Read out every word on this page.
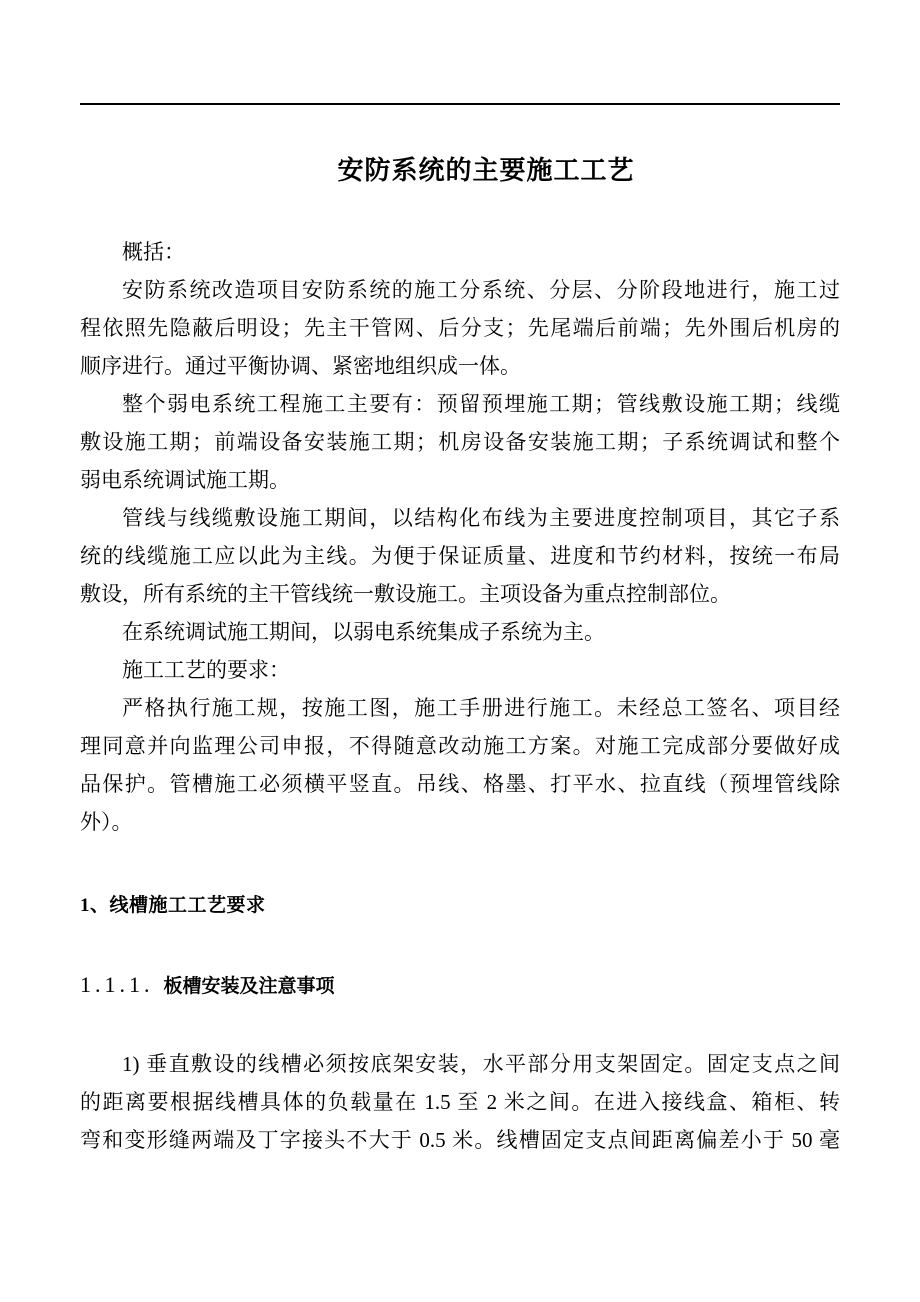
安防系统的主要施工工艺

概括：

安防系统改造项目安防系统的施工分系统、分层、分阶段地进行，施工过
程依照先隐蔽后明设；先主干管网、后分支；先尾端后前端；先外围后机房的
顺序进行。通过平衡协调、紧密地组织成一体。

整个弱电系统工程施工主要有：预留预埋施工期；管线敷设施工期；线缆
敷设施工期；前端设备安装施工期；机房设备安装施工期；子系统调试和整个
弱电系统调试施工期。

管线与线缆敷设施工期间，以结构化布线为主要进度控制项目，其它子系
统的线缆施工应以此为主线。为便于保证质量、进度和节约材料，按统一布局
敷设，所有系统的主干管线统一敷设施工。主项设备为重点控制部位。

在系统调试施工期间，以弱电系统集成子系统为主。

施工工艺的要求：

严格执行施工规，按施工图，施工手册进行施工。未经总工签名、项目经
理同意并向监理公司申报，不得随意改动施工方案。对施工完成部分要做好成
品保护。管槽施工必须横平竖直。吊线、格墨、打平水、拉直线（预埋管线除
外）。

1、线槽施工工艺要求
1.1.1. 板槽安装及注意事项

1) 垂直敷设的线槽必须按底架安装，水平部分用支架固定。固定支点之间
的距离要根据线槽具体的负载量在 1.5 至 2 米之间。在进入接线盒、箱柜、转
弯和变形缝两端及丁字接头不大于 0.5 米。线槽固定支点间距离偏差小于 50 毫
